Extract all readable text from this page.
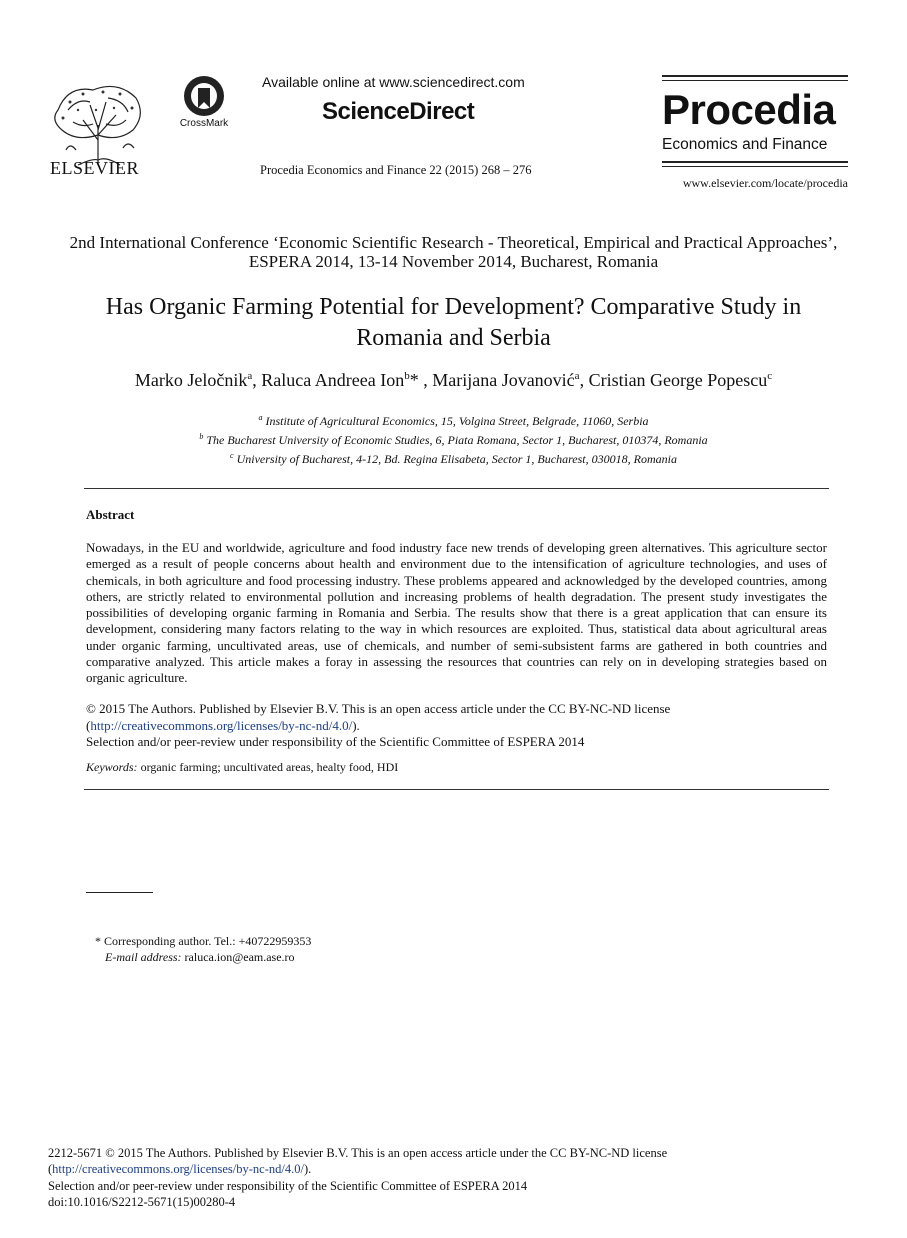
ELSEVIER
CrossMark
Available online at www.sciencedirect.com
ScienceDirect
Procedia Economics and Finance 22 (2015) 268 – 276
Procedia
Economics and Finance
www.elsevier.com/locate/procedia
2nd International Conference ‘Economic Scientific Research - Theoretical, Empirical and Practical Approaches’, ESPERA 2014, 13-14 November 2014, Bucharest, Romania
Has Organic Farming Potential for Development? Comparative Study in Romania and Serbia
Marko Jeločnik$^a$, Raluca Andreea Ion$^b$* , Marijana Jovanović$^a$, Cristian George Popescu$^c$
$^a$ Institute of Agricultural Economics, 15, Volgina Street, Belgrade, 11060, Serbia
$^b$ The Bucharest University of Economic Studies, 6, Piata Romana, Sector 1, Bucharest, 010374, Romania
$^c$ University of Bucharest, 4-12, Bd. Regina Elisabeta, Sector 1, Bucharest, 030018, Romania
Abstract
Nowadays, in the EU and worldwide, agriculture and food industry face new trends of developing green alternatives. This agriculture sector emerged as a result of people concerns about health and environment due to the intensification of agriculture technologies, and uses of chemicals, in both agriculture and food processing industry. These problems appeared and acknowledged by the developed countries, among others, are strictly related to environmental pollution and increasing problems of health degradation. The present study investigates the possibilities of developing organic farming in Romania and Serbia. The results show that there is a great application that can ensure its development, considering many factors relating to the way in which resources are exploited. Thus, statistical data about agricultural areas under organic farming, uncultivated areas, use of chemicals, and number of semi-subsistent farms are gathered in both countries and comparative analyzed. This article makes a foray in assessing the resources that countries can rely on in developing strategies based on organic agriculture.
© 2015 The Authors. Published by Elsevier B.V. This is an open access article under the CC BY-NC-ND license
(http://creativecommons.org/licenses/by-nc-nd/4.0/).
Selection and/or peer-review under responsibility of the Scientific Committee of ESPERA 2014
Keywords: organic farming; uncultivated areas, healty food, HDI
* Corresponding author. Tel.: +40722959353
E-mail address: raluca.ion@eam.ase.ro
2212-5671 © 2015 The Authors. Published by Elsevier B.V. This is an open access article under the CC BY-NC-ND license
(http://creativecommons.org/licenses/by-nc-nd/4.0/).
Selection and/or peer-review under responsibility of the Scientific Committee of ESPERA 2014
doi:10.1016/S2212-5671(15)00280-4
